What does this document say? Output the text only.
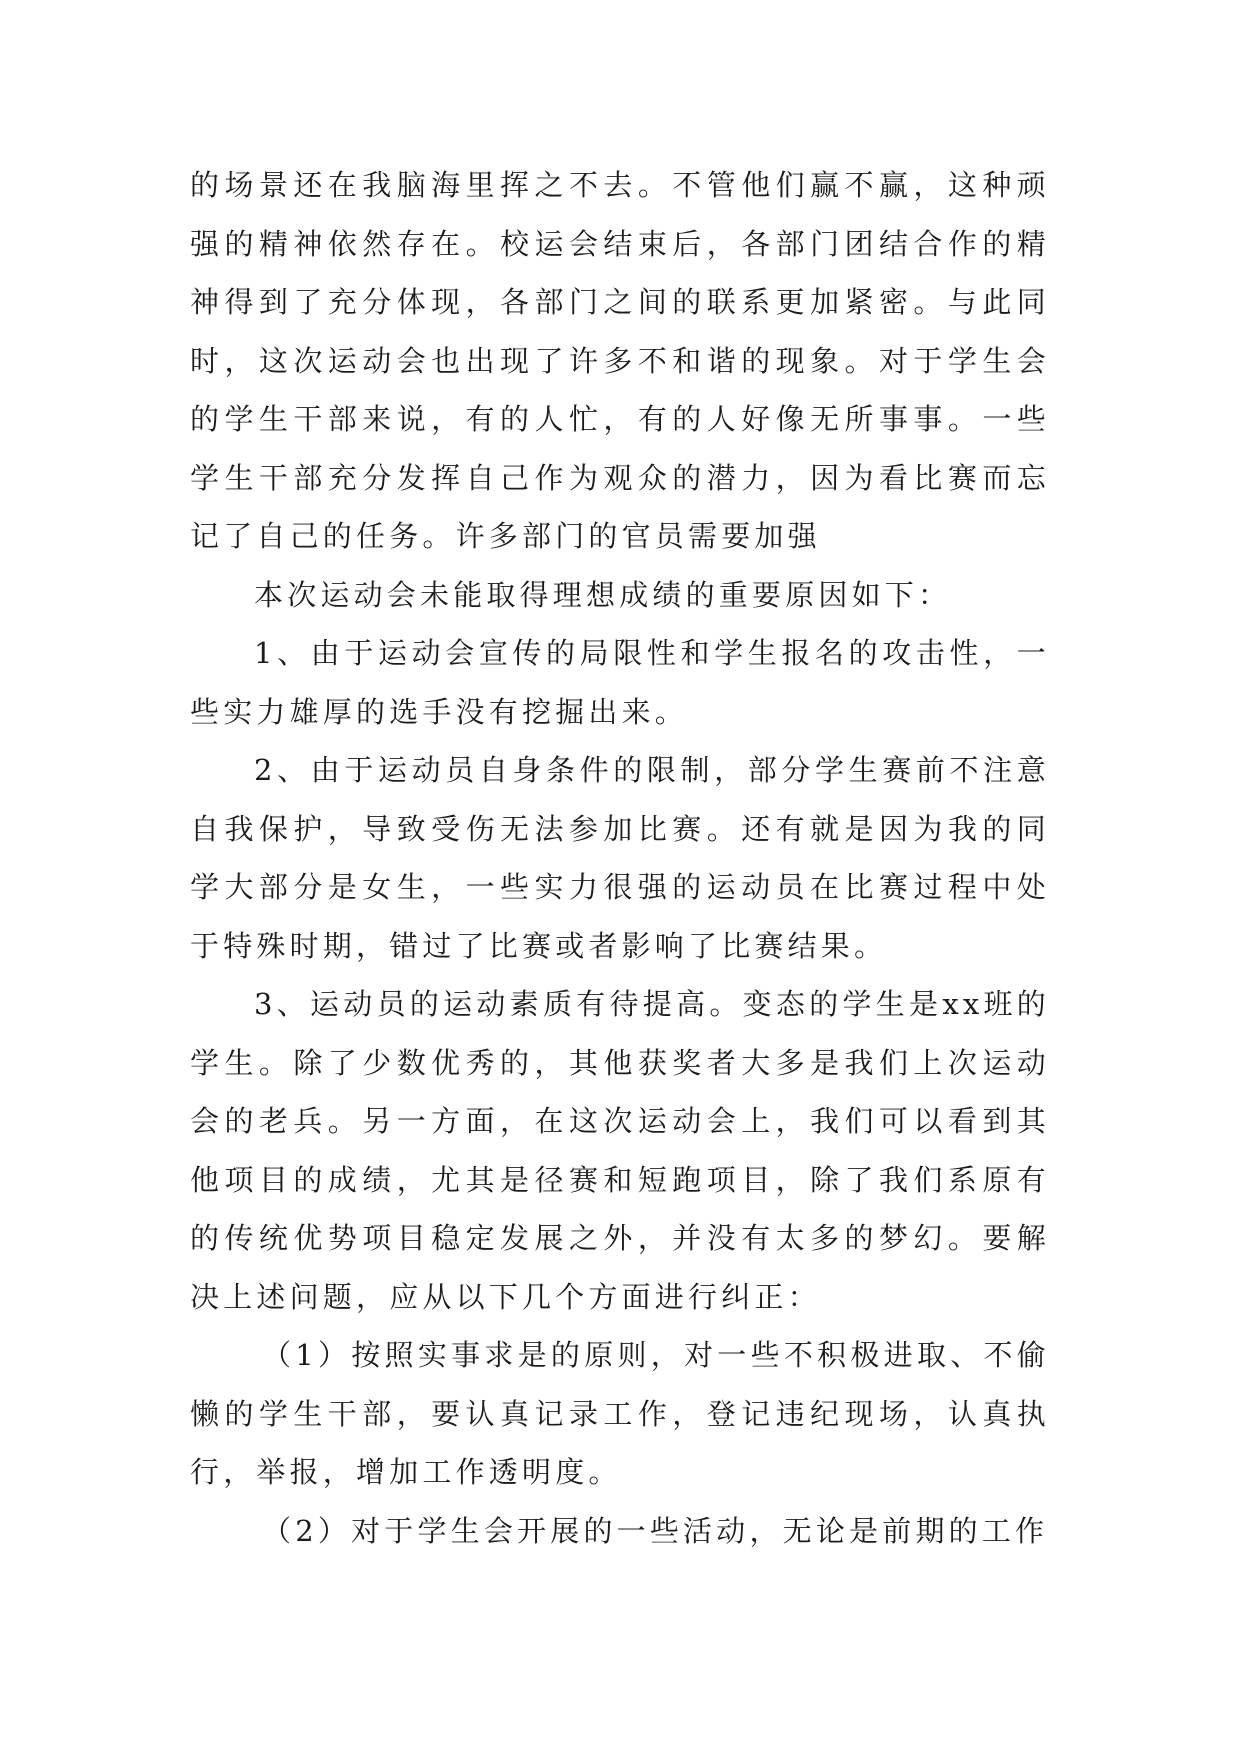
的场景还在我脑海里挥之不去。不管他们赢不赢，这种顽强的精神依然存在。校运会结束后，各部门团结合作的精神得到了充分体现，各部门之间的联系更加紧密。与此同时，这次运动会也出现了许多不和谐的现象。对于学生会的学生干部来说，有的人忙，有的人好像无所事事。一些学生干部充分发挥自己作为观众的潜力，因为看比赛而忘记了自己的任务。许多部门的官员需要加强

本次运动会未能取得理想成绩的重要原因如下：

1、由于运动会宣传的局限性和学生报名的攻击性，一些实力雄厚的选手没有挖掘出来。

2、由于运动员自身条件的限制，部分学生赛前不注意自我保护，导致受伤无法参加比赛。还有就是因为我的同学大部分是女生，一些实力很强的运动员在比赛过程中处于特殊时期，错过了比赛或者影响了比赛结果。

3、运动员的运动素质有待提高。变态的学生是xx班的学生。除了少数优秀的，其他获奖者大多是我们上次运动会的老兵。另一方面，在这次运动会上，我们可以看到其他项目的成绩，尤其是径赛和短跑项目，除了我们系原有的传统优势项目稳定发展之外，并没有太多的梦幻。要解决上述问题，应从以下几个方面进行纠正：

（1）按照实事求是的原则，对一些不积极进取、不偷懒的学生干部，要认真记录工作，登记违纪现场，认真执行，举报，增加工作透明度。

（2）对于学生会开展的一些活动，无论是前期的工作
